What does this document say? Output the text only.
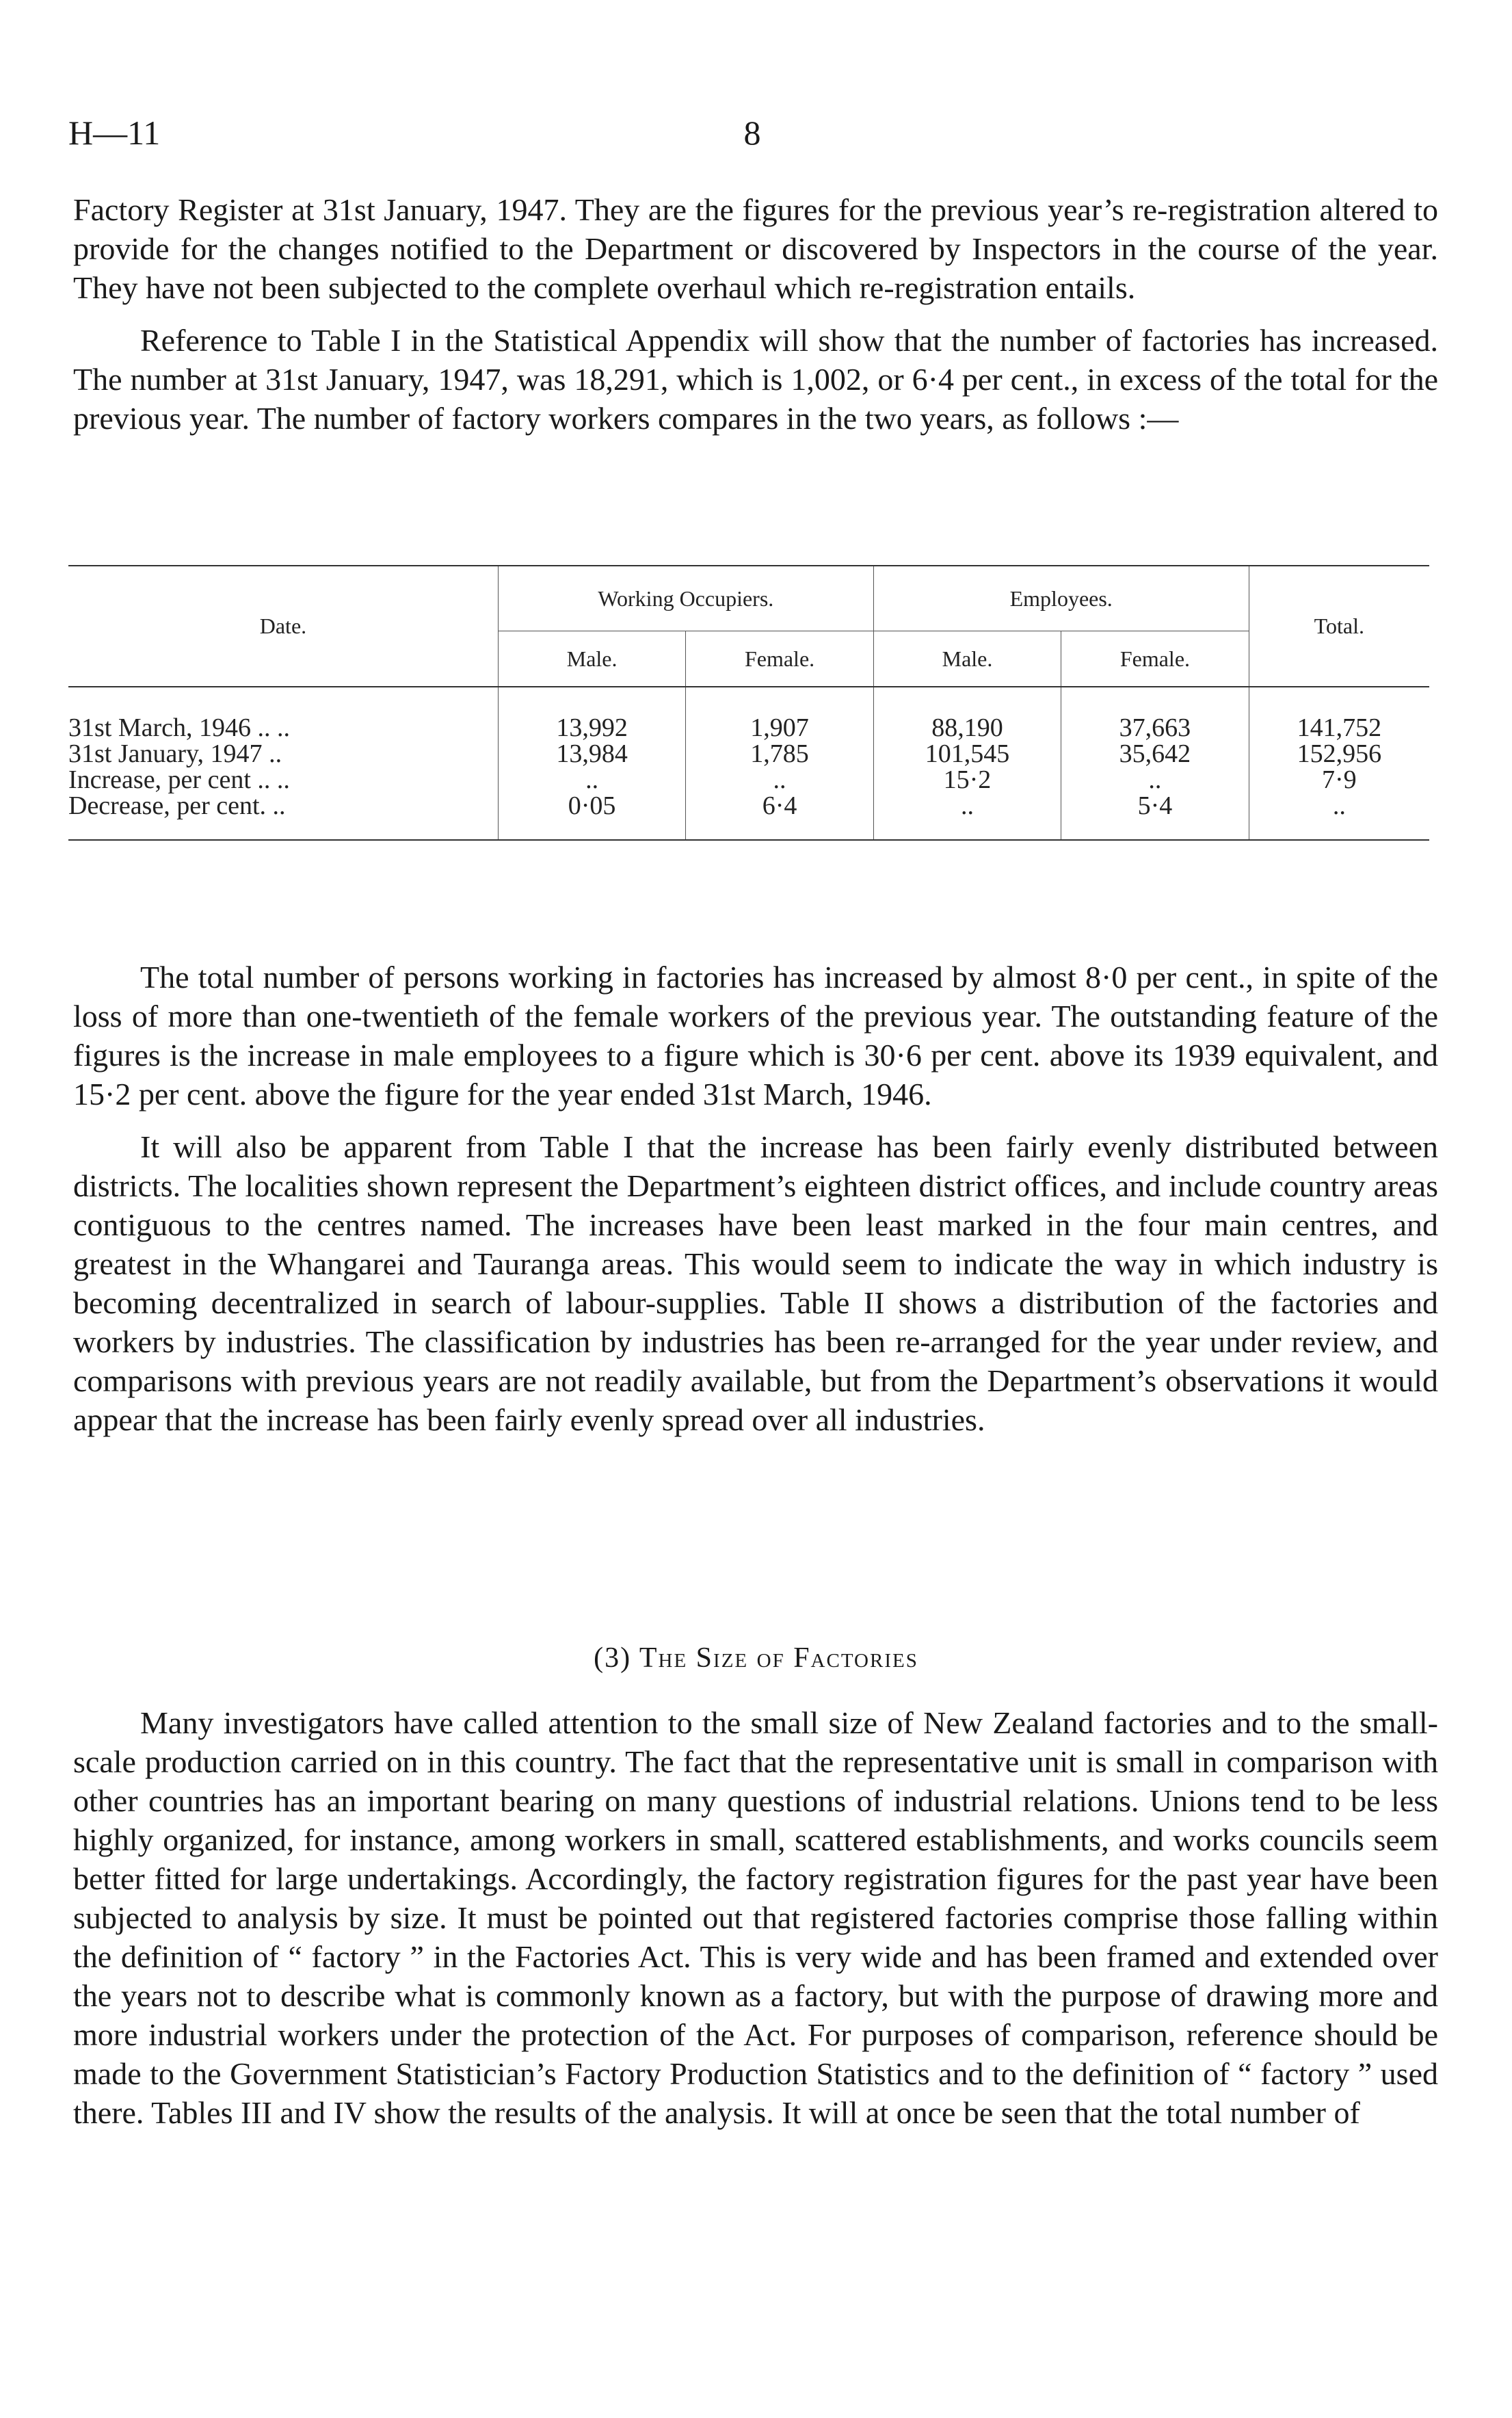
H—11	8

Factory Register at 31st January, 1947. They are the figures for the previous year’s re-registration altered to provide for the changes notified to the Department or discovered by Inspectors in the course of the year. They have not been subjected to the complete overhaul which re-registration entails.

Reference to Table I in the Statistical Appendix will show that the number of factories has increased. The number at 31st January, 1947, was 18,291, which is 1,002, or 6·4 per cent., in excess of the total for the previous year. The number of factory workers compares in the two years, as follows :—

Date.	Working Occupiers.		Employees.		Total.
	Male.	Female.	Male.	Female.	
31st March, 1946 .. ..	13,992	1,907	88,190	37,663	141,752
31st January, 1947 ..	13,984	1,785	101,545	35,642	152,956
Increase, per cent .. ..	..	..	15·2	..	7·9
Decrease, per cent. ..	0·05	6·4	..	5·4	..

The total number of persons working in factories has increased by almost 8·0 per cent., in spite of the loss of more than one-twentieth of the female workers of the previous year. The outstanding feature of the figures is the increase in male employees to a figure which is 30·6 per cent. above its 1939 equivalent, and 15·2 per cent. above the figure for the year ended 31st March, 1946.

It will also be apparent from Table I that the increase has been fairly evenly distributed between districts. The localities shown represent the Department’s eighteen district offices, and include country areas contiguous to the centres named. The increases have been least marked in the four main centres, and greatest in the Whangarei and Tauranga areas. This would seem to indicate the way in which industry is becoming decentralized in search of labour-supplies. Table II shows a distribution of the factories and workers by industries. The classification by industries has been re-arranged for the year under review, and comparisons with previous years are not readily available, but from the Department’s observations it would appear that the increase has been fairly evenly spread over all industries.

(3) The Size of Factories

Many investigators have called attention to the small size of New Zealand factories and to the small-scale production carried on in this country. The fact that the representative unit is small in comparison with other countries has an important bearing on many questions of industrial relations. Unions tend to be less highly organized, for instance, among workers in small, scattered establishments, and works councils seem better fitted for large undertakings. Accordingly, the factory registration figures for the past year have been subjected to analysis by size. It must be pointed out that registered factories comprise those falling within the definition of “ factory ” in the Factories Act. This is very wide and has been framed and extended over the years not to describe what is commonly known as a factory, but with the purpose of drawing more and more industrial workers under the protection of the Act. For purposes of comparison, reference should be made to the Government Statistician’s Factory Production Statistics and to the definition of “ factory ” used there. Tables III and IV show the results of the analysis. It will at once be seen that the total number of
